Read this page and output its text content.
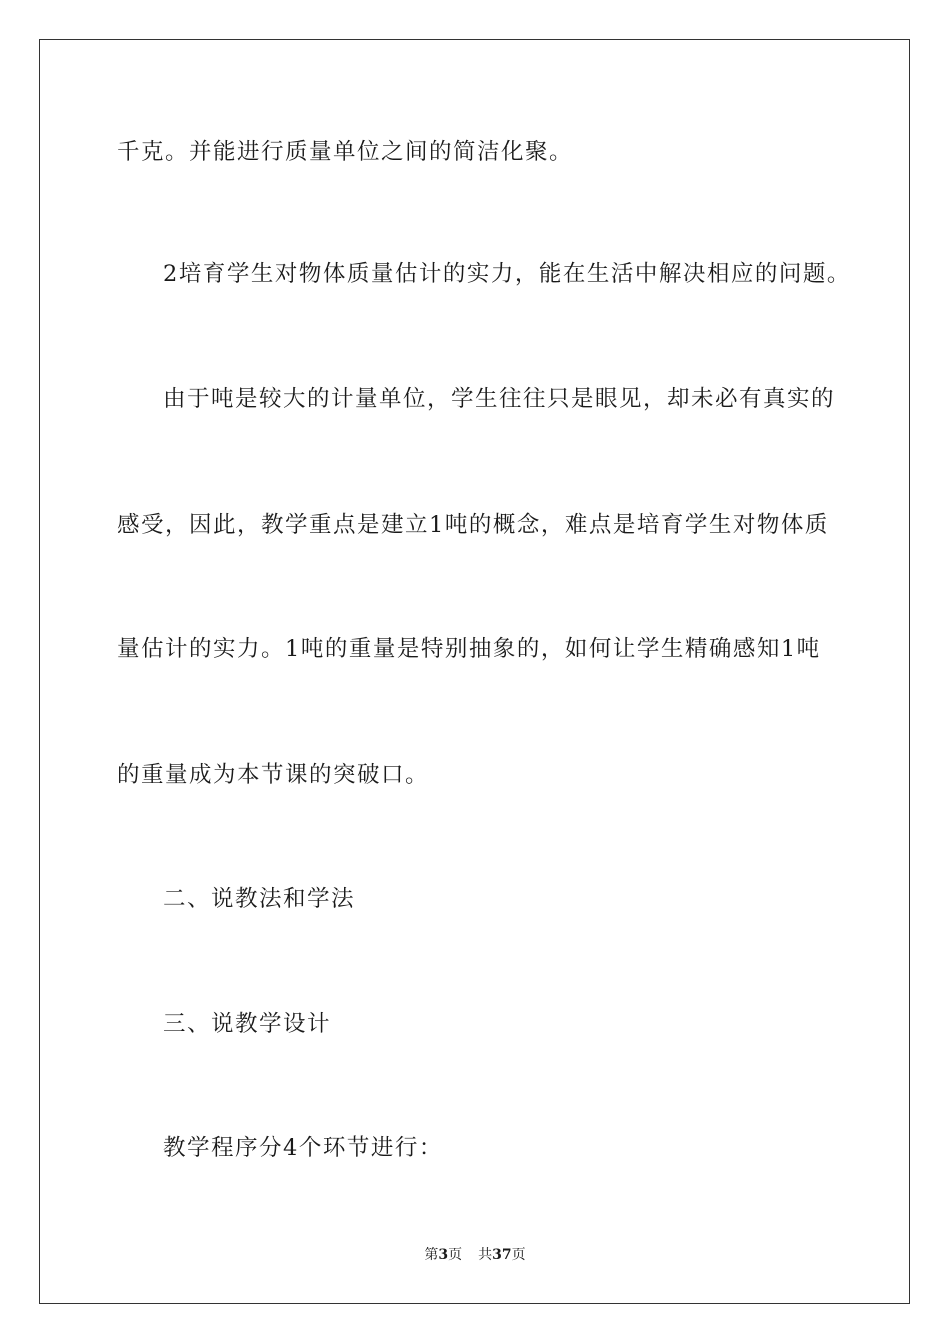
千克。并能进行质量单位之间的简洁化聚。
2培育学生对物体质量估计的实力，能在生活中解决相应的问题。
由于吨是较大的计量单位，学生往往只是眼见，却未必有真实的
感受，因此，教学重点是建立1吨的概念，难点是培育学生对物体质
量估计的实力。1吨的重量是特别抽象的，如何让学生精确感知1吨
的重量成为本节课的突破口。
二、说教法和学法
三、说教学设计
教学程序分4个环节进行：
第3页 共37页
